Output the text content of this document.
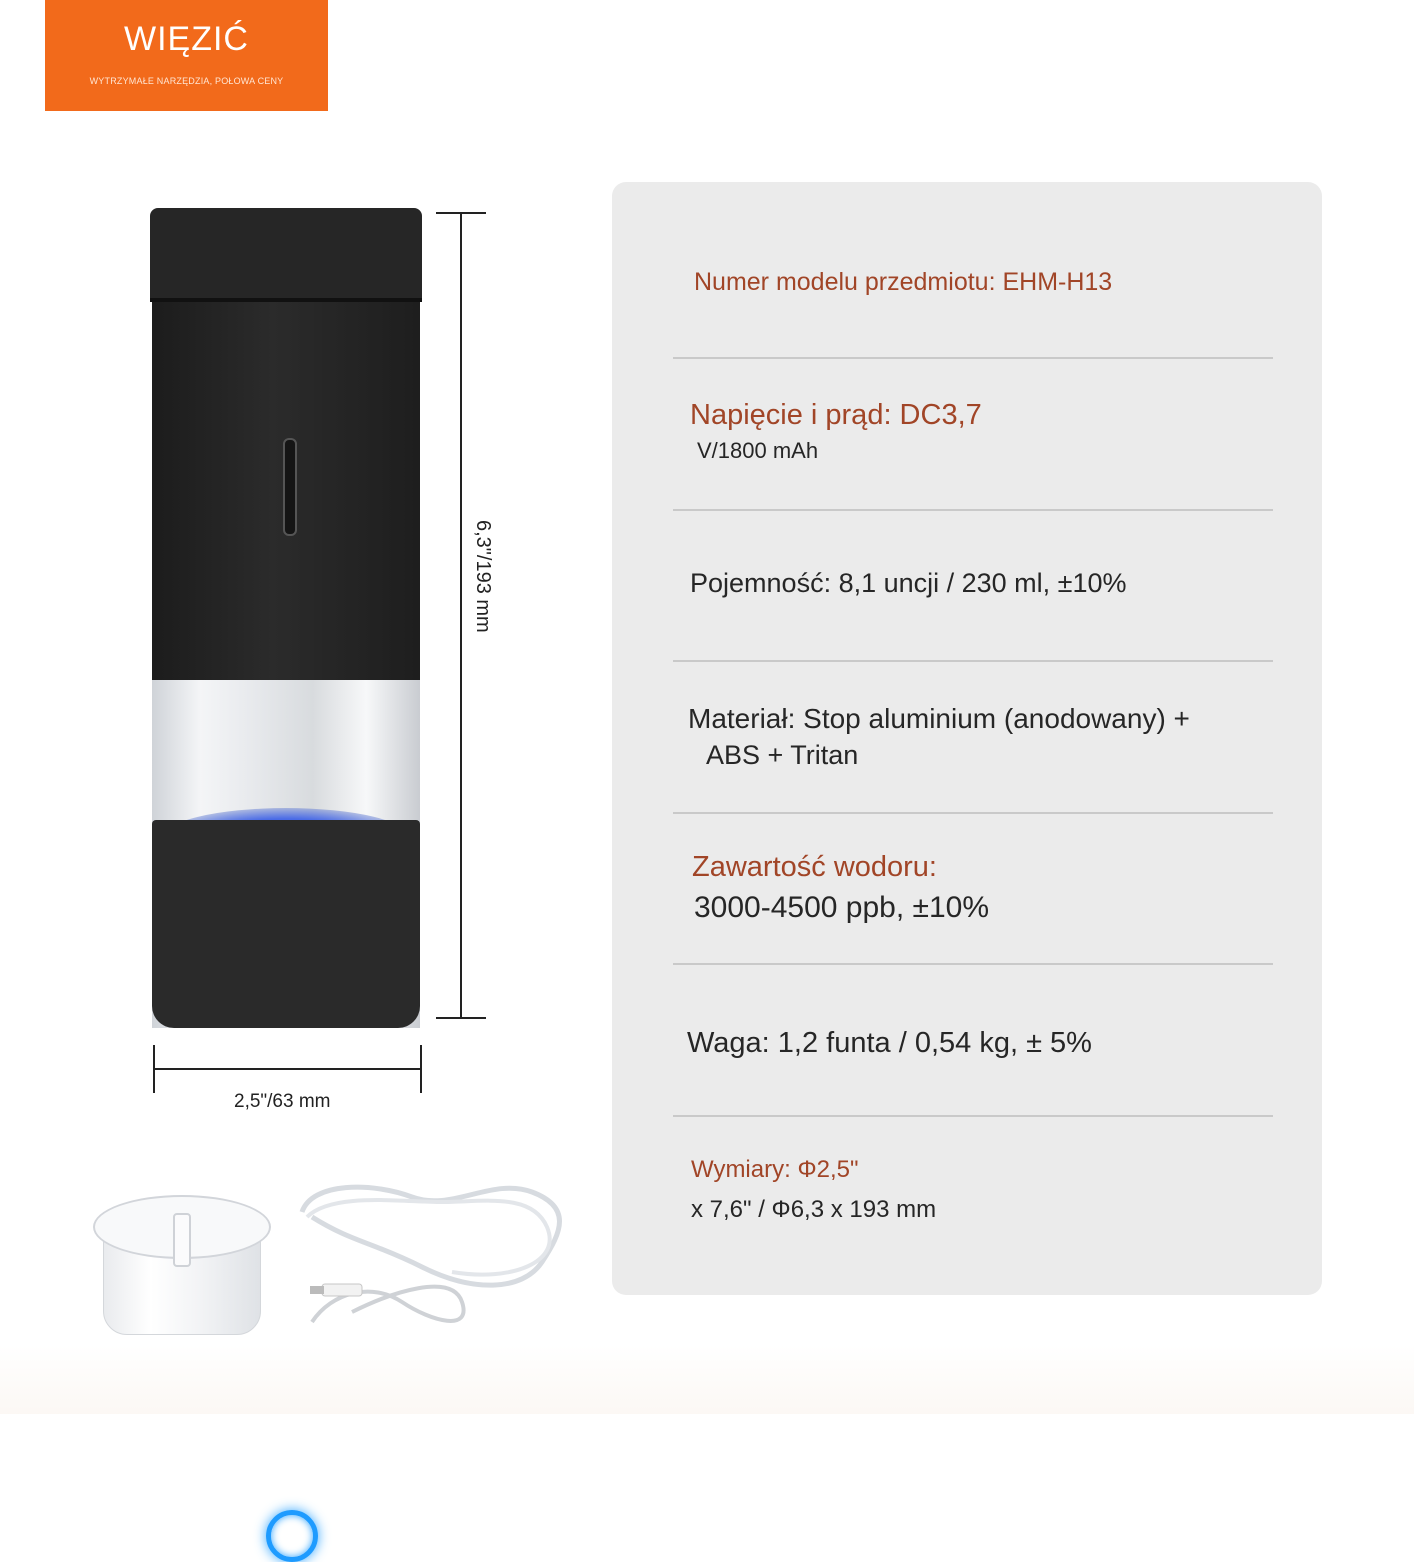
WIĘZIĆ
WYTRZYMAŁE NARZĘDZIA, POŁOWA CENY
6,3"/193 mm
2,5"/63 mm
Numer modelu przedmiotu: EHM-H13
Napięcie i prąd: DC3,7
V/1800 mAh
Pojemność: 8,1 uncji / 230 ml, ±10%
Materiał: Stop aluminium (anodowany) +
ABS + Tritan
Zawartość wodoru:
3000-4500 ppb, ±10%
Waga: 1,2 funta / 0,54 kg, ± 5%
Wymiary: Φ2,5"
x 7,6" / Φ6,3 x 193 mm
